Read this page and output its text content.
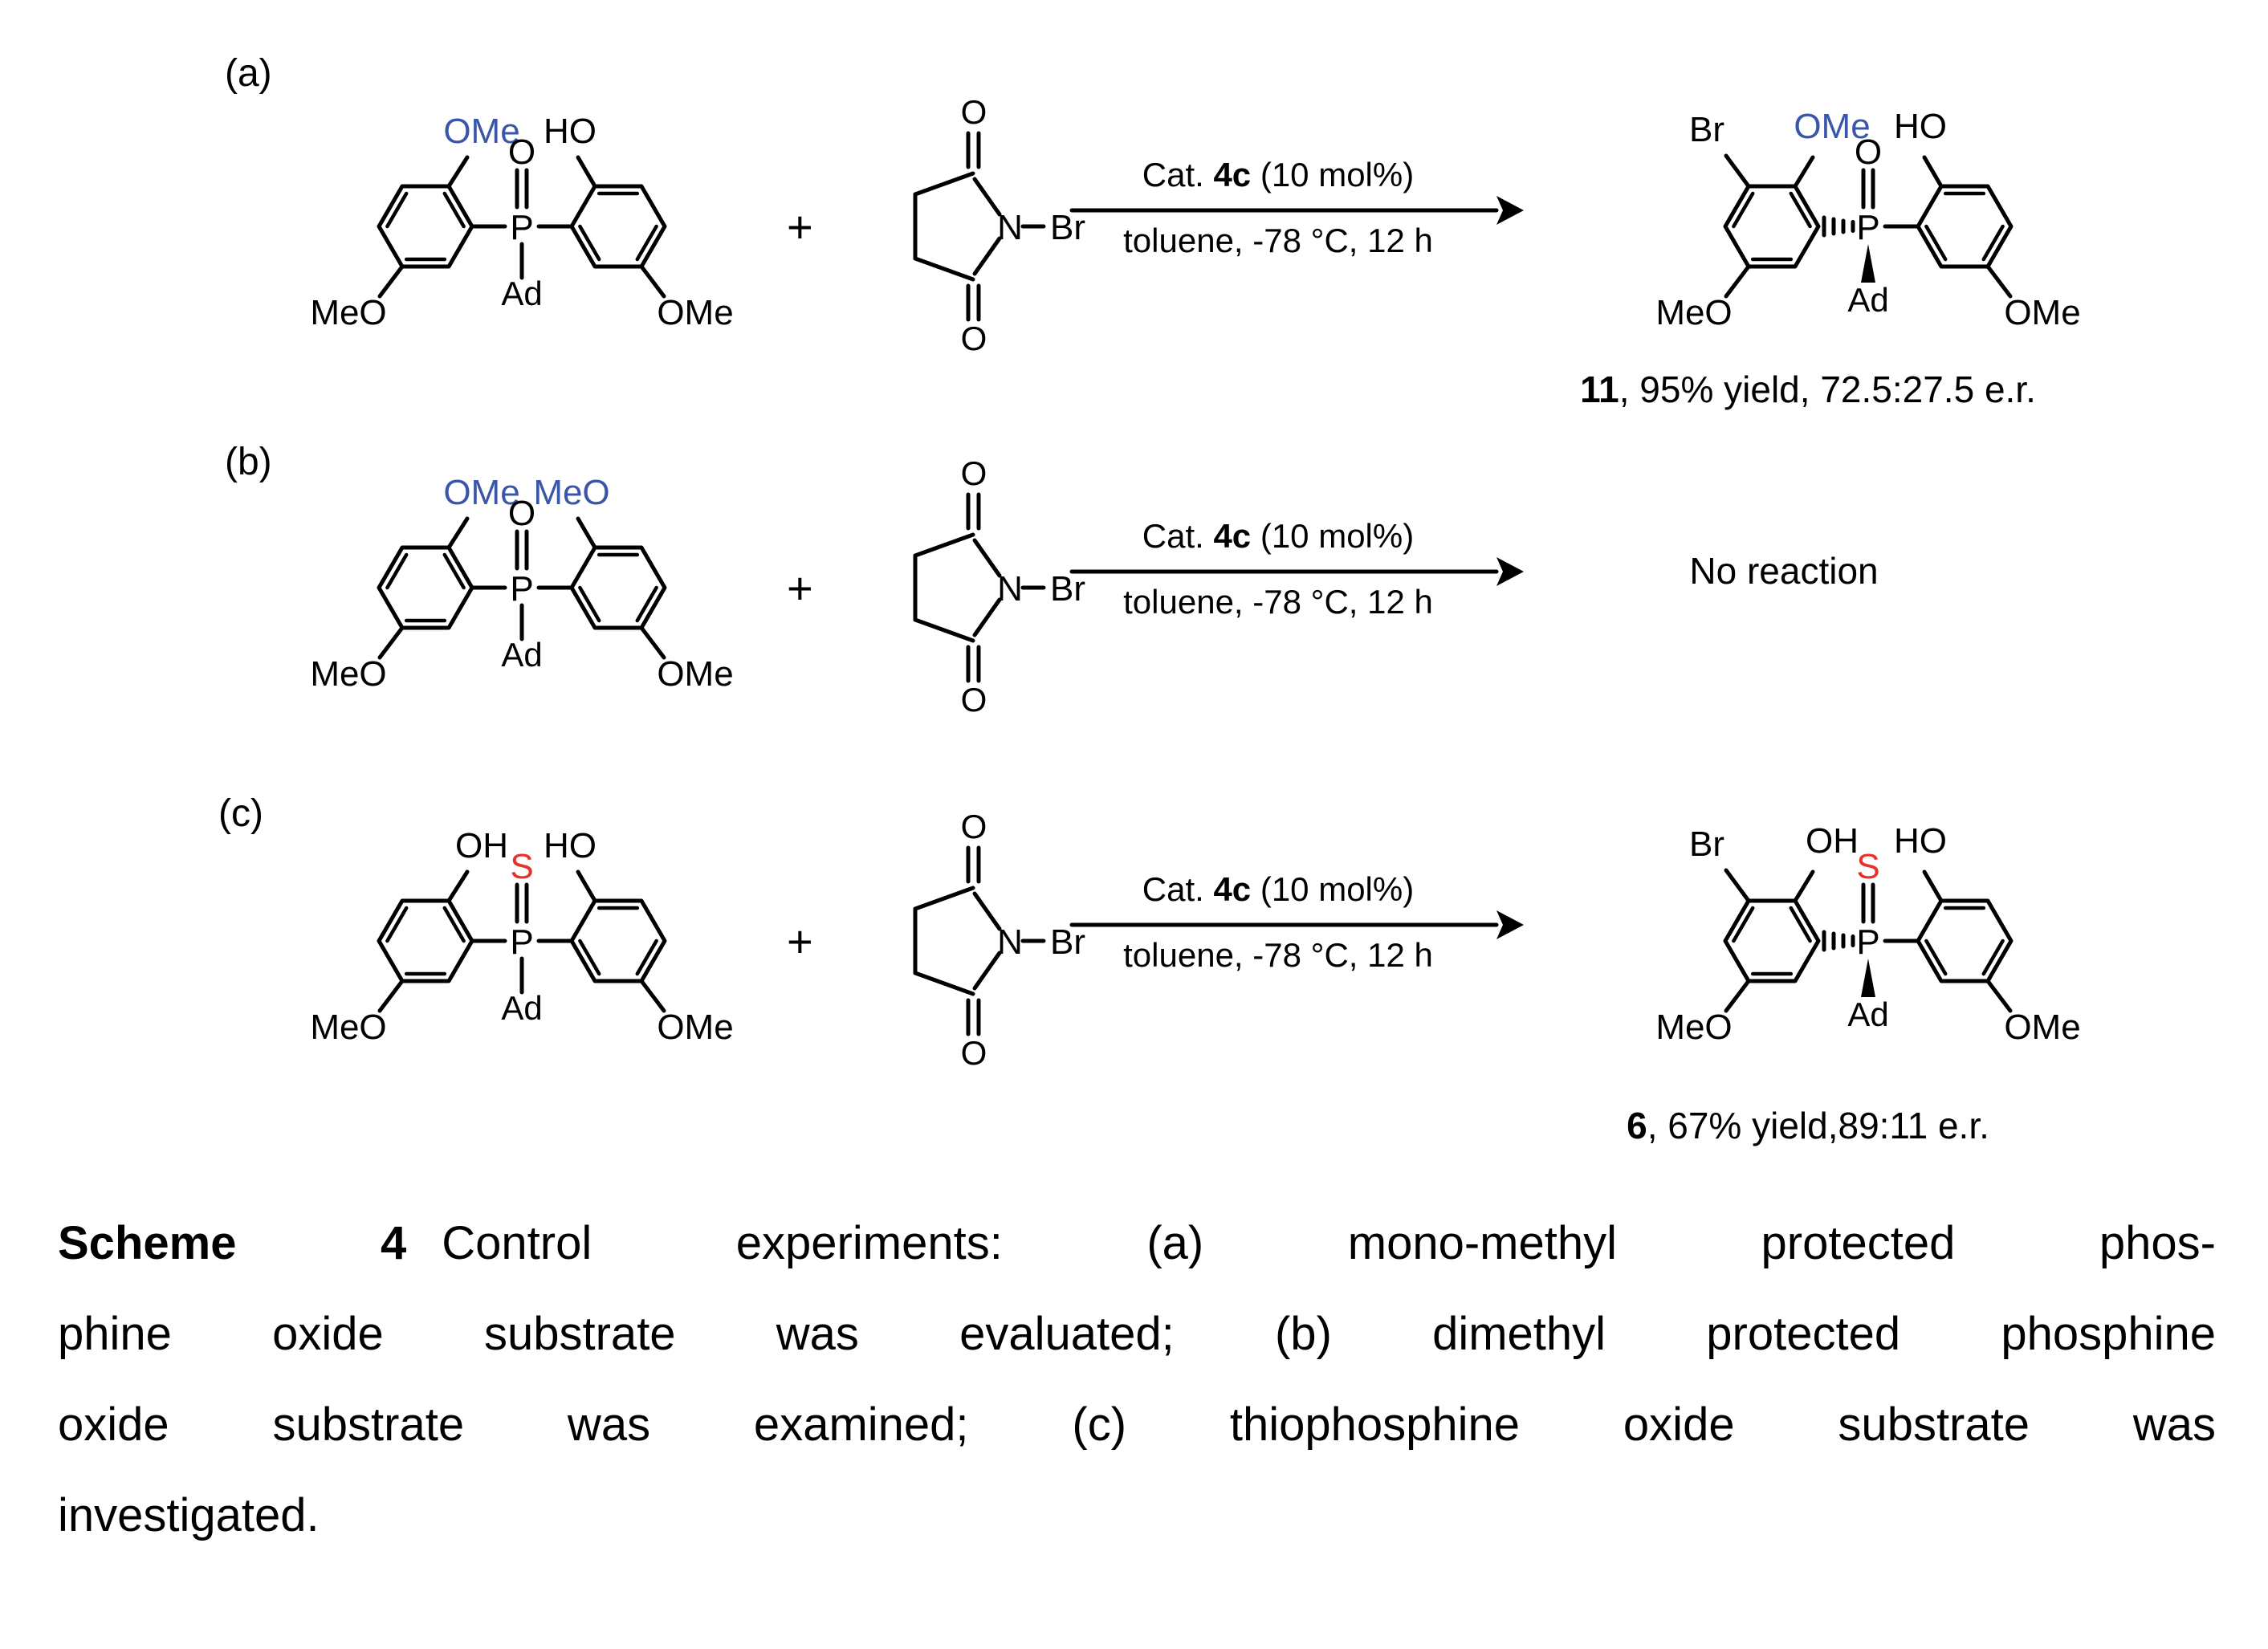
(a)
OMe HO
O
P
Ad
MeO	OMe
+
O
O
N Br
Cat. 4c (10 mol%)
toluene, -78 °C, 12 h
Br OMe HO
O
P
Ad
MeO	OMe
11, 95% yield, 72.5:27.5 e.r.
(b)
OMe MeO
O
P
Ad
MeO	OMe
+
O
O
N Br
Cat. 4c (10 mol%)
toluene, -78 °C, 12 h
No reaction
(c)
OH HO
S
P
Ad
MeO	OMe
+
O
O
N Br
Cat. 4c (10 mol%)
toluene, -78 °C, 12 h
Br OH HO
S
P
Ad
MeO	OMe
6, 67% yield,89:11 e.r.
Scheme 4 Control experiments: (a) mono-methyl protected phos-
phine oxide substrate was evaluated; (b) dimethyl protected phosphine
oxide substrate was examined; (c) thiophosphine oxide substrate was
investigated.
